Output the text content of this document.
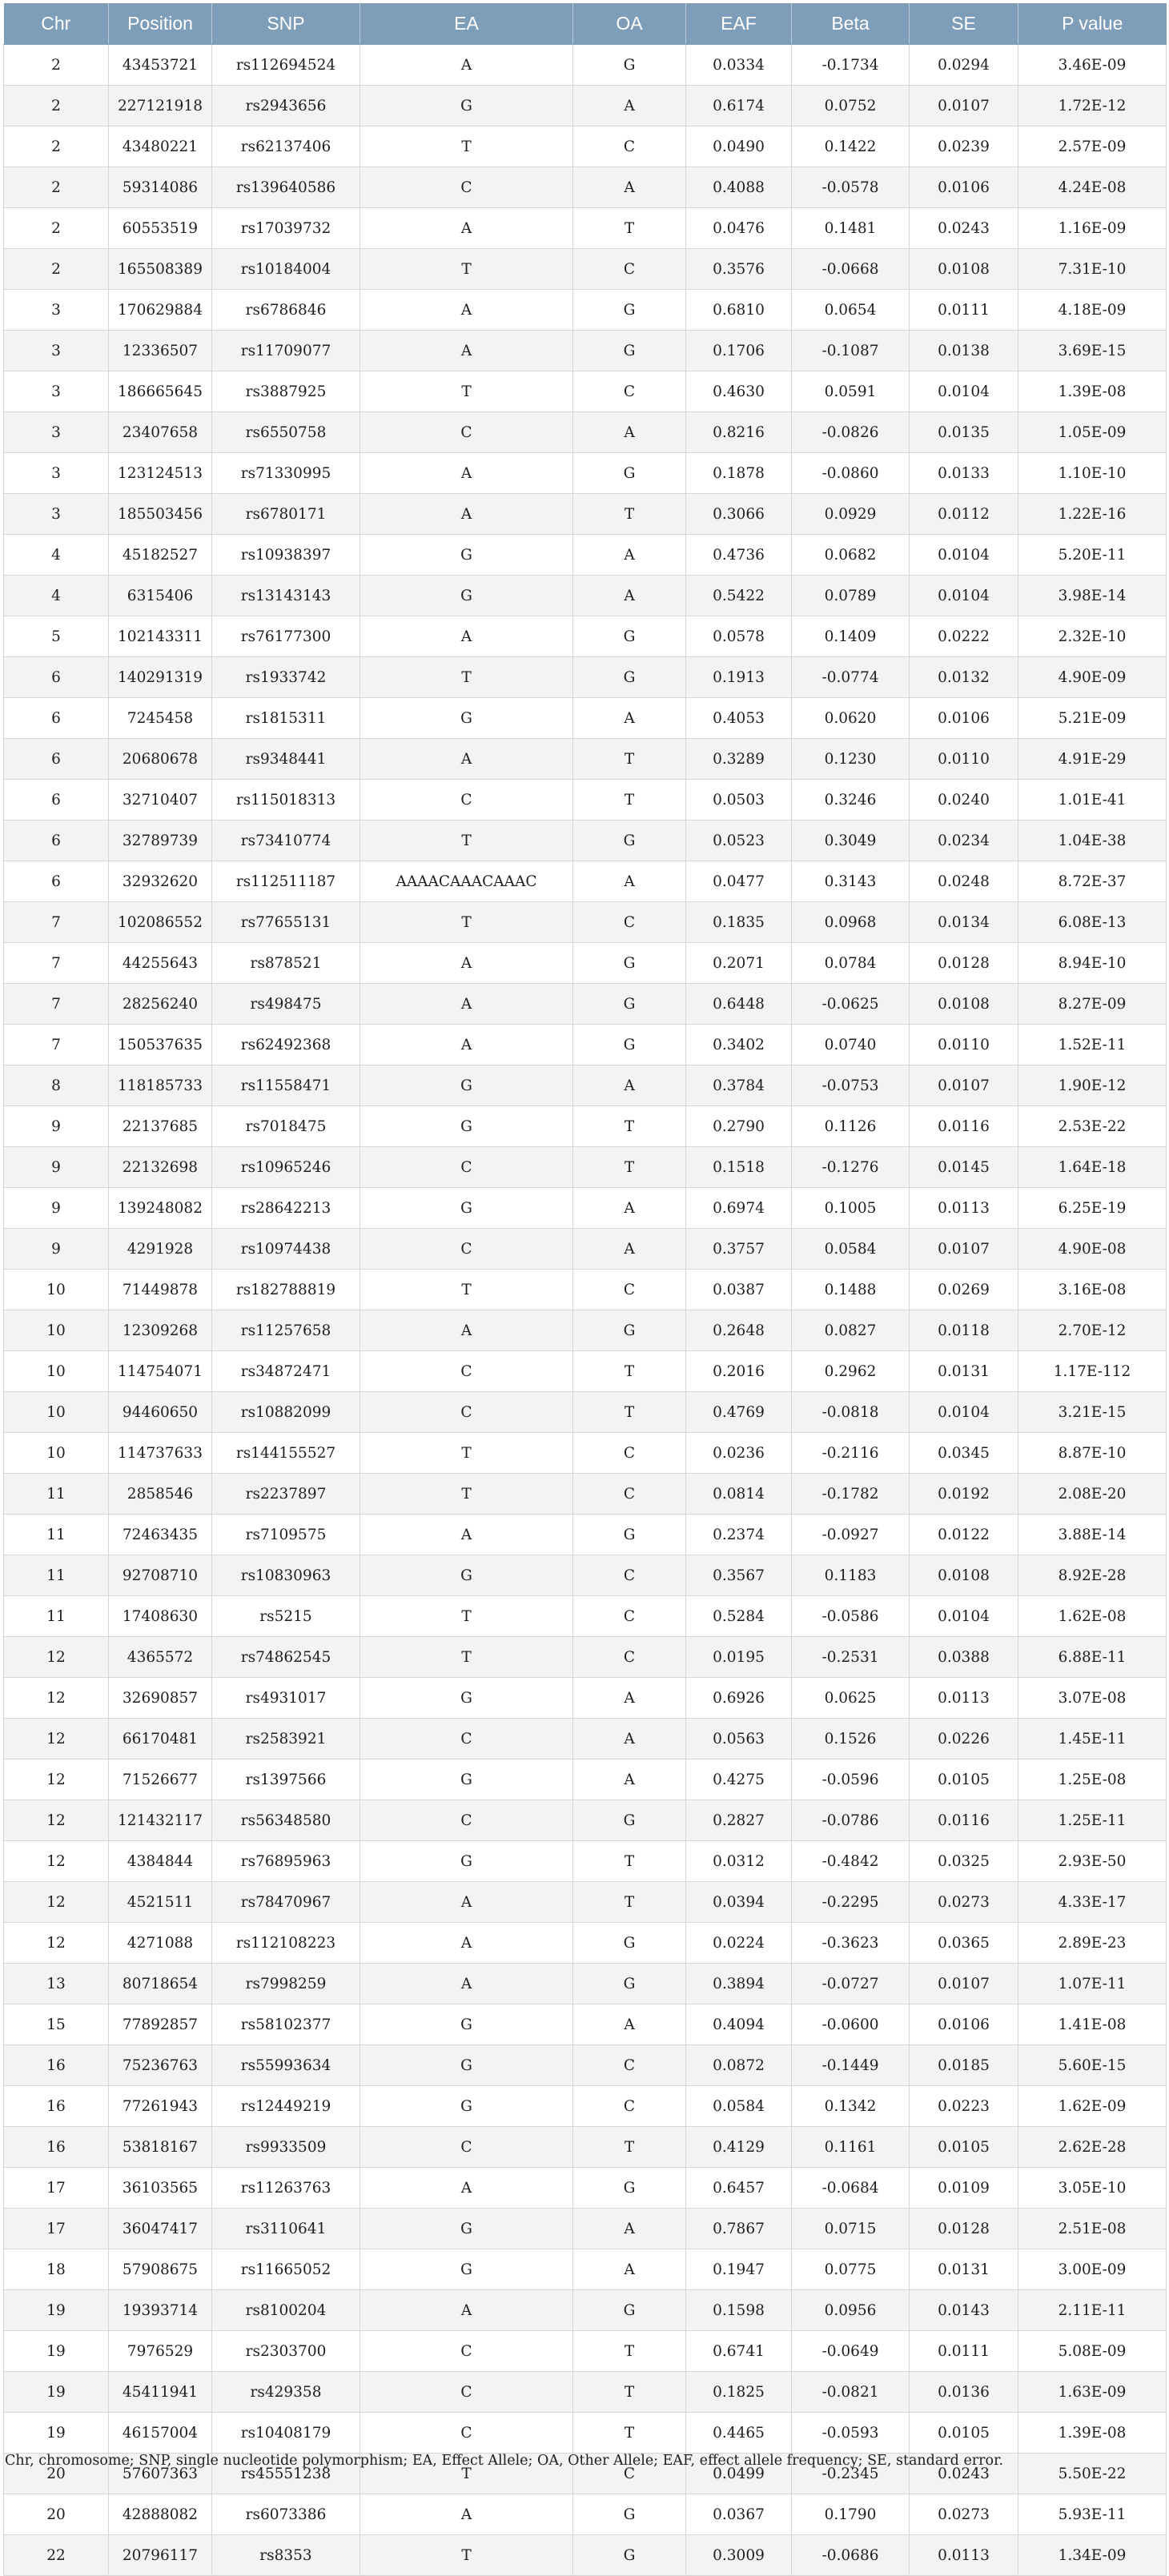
Chr	Position	SNP	EA	OA	EAF	Beta	SE	P value
2	43453721	rs112694524	A	G	0.0334	-0.1734	0.0294	3.46E-09
2	227121918	rs2943656	G	A	0.6174	0.0752	0.0107	1.72E-12
2	43480221	rs62137406	T	C	0.0490	0.1422	0.0239	2.57E-09
2	59314086	rs139640586	C	A	0.4088	-0.0578	0.0106	4.24E-08
2	60553519	rs17039732	A	T	0.0476	0.1481	0.0243	1.16E-09
2	165508389	rs10184004	T	C	0.3576	-0.0668	0.0108	7.31E-10
3	170629884	rs6786846	A	G	0.6810	0.0654	0.0111	4.18E-09
3	12336507	rs11709077	A	G	0.1706	-0.1087	0.0138	3.69E-15
3	186665645	rs3887925	T	C	0.4630	0.0591	0.0104	1.39E-08
3	23407658	rs6550758	C	A	0.8216	-0.0826	0.0135	1.05E-09
3	123124513	rs71330995	A	G	0.1878	-0.0860	0.0133	1.10E-10
3	185503456	rs6780171	A	T	0.3066	0.0929	0.0112	1.22E-16
4	45182527	rs10938397	G	A	0.4736	0.0682	0.0104	5.20E-11
4	6315406	rs13143143	G	A	0.5422	0.0789	0.0104	3.98E-14
5	102143311	rs76177300	A	G	0.0578	0.1409	0.0222	2.32E-10
6	140291319	rs1933742	T	G	0.1913	-0.0774	0.0132	4.90E-09
6	7245458	rs1815311	G	A	0.4053	0.0620	0.0106	5.21E-09
6	20680678	rs9348441	A	T	0.3289	0.1230	0.0110	4.91E-29
6	32710407	rs115018313	C	T	0.0503	0.3246	0.0240	1.01E-41
6	32789739	rs73410774	T	G	0.0523	0.3049	0.0234	1.04E-38
6	32932620	rs112511187	AAAACAAACAAAC	A	0.0477	0.3143	0.0248	8.72E-37
7	102086552	rs77655131	T	C	0.1835	0.0968	0.0134	6.08E-13
7	44255643	rs878521	A	G	0.2071	0.0784	0.0128	8.94E-10
7	28256240	rs498475	A	G	0.6448	-0.0625	0.0108	8.27E-09
7	150537635	rs62492368	A	G	0.3402	0.0740	0.0110	1.52E-11
8	118185733	rs11558471	G	A	0.3784	-0.0753	0.0107	1.90E-12
9	22137685	rs7018475	G	T	0.2790	0.1126	0.0116	2.53E-22
9	22132698	rs10965246	C	T	0.1518	-0.1276	0.0145	1.64E-18
9	139248082	rs28642213	G	A	0.6974	0.1005	0.0113	6.25E-19
9	4291928	rs10974438	C	A	0.3757	0.0584	0.0107	4.90E-08
10	71449878	rs182788819	T	C	0.0387	0.1488	0.0269	3.16E-08
10	12309268	rs11257658	A	G	0.2648	0.0827	0.0118	2.70E-12
10	114754071	rs34872471	C	T	0.2016	0.2962	0.0131	1.17E-112
10	94460650	rs10882099	C	T	0.4769	-0.0818	0.0104	3.21E-15
10	114737633	rs144155527	T	C	0.0236	-0.2116	0.0345	8.87E-10
11	2858546	rs2237897	T	C	0.0814	-0.1782	0.0192	2.08E-20
11	72463435	rs7109575	A	G	0.2374	-0.0927	0.0122	3.88E-14
11	92708710	rs10830963	G	C	0.3567	0.1183	0.0108	8.92E-28
11	17408630	rs5215	T	C	0.5284	-0.0586	0.0104	1.62E-08
12	4365572	rs74862545	T	C	0.0195	-0.2531	0.0388	6.88E-11
12	32690857	rs4931017	G	A	0.6926	0.0625	0.0113	3.07E-08
12	66170481	rs2583921	C	A	0.0563	0.1526	0.0226	1.45E-11
12	71526677	rs1397566	G	A	0.4275	-0.0596	0.0105	1.25E-08
12	121432117	rs56348580	C	G	0.2827	-0.0786	0.0116	1.25E-11
12	4384844	rs76895963	G	T	0.0312	-0.4842	0.0325	2.93E-50
12	4521511	rs78470967	A	T	0.0394	-0.2295	0.0273	4.33E-17
12	4271088	rs112108223	A	G	0.0224	-0.3623	0.0365	2.89E-23
13	80718654	rs7998259	A	G	0.3894	-0.0727	0.0107	1.07E-11
15	77892857	rs58102377	G	A	0.4094	-0.0600	0.0106	1.41E-08
16	75236763	rs55993634	G	C	0.0872	-0.1449	0.0185	5.60E-15
16	77261943	rs12449219	G	C	0.0584	0.1342	0.0223	1.62E-09
16	53818167	rs9933509	C	T	0.4129	0.1161	0.0105	2.62E-28
17	36103565	rs11263763	A	G	0.6457	-0.0684	0.0109	3.05E-10
17	36047417	rs3110641	G	A	0.7867	0.0715	0.0128	2.51E-08
18	57908675	rs11665052	G	A	0.1947	0.0775	0.0131	3.00E-09
19	19393714	rs8100204	A	G	0.1598	0.0956	0.0143	2.11E-11
19	7976529	rs2303700	C	T	0.6741	-0.0649	0.0111	5.08E-09
19	45411941	rs429358	C	T	0.1825	-0.0821	0.0136	1.63E-09
19	46157004	rs10408179	C	T	0.4465	-0.0593	0.0105	1.39E-08
20	57607363	rs45551238	T	C	0.0499	-0.2345	0.0243	5.50E-22
20	42888082	rs6073386	A	G	0.0367	0.1790	0.0273	5.93E-11
22	20796117	rs8353	T	G	0.3009	-0.0686	0.0113	1.34E-09
Chr, chromosome; SNP, single nucleotide polymorphism; EA, Effect Allele; OA, Other Allele; EAF, effect allele frequency; SE, standard error.
